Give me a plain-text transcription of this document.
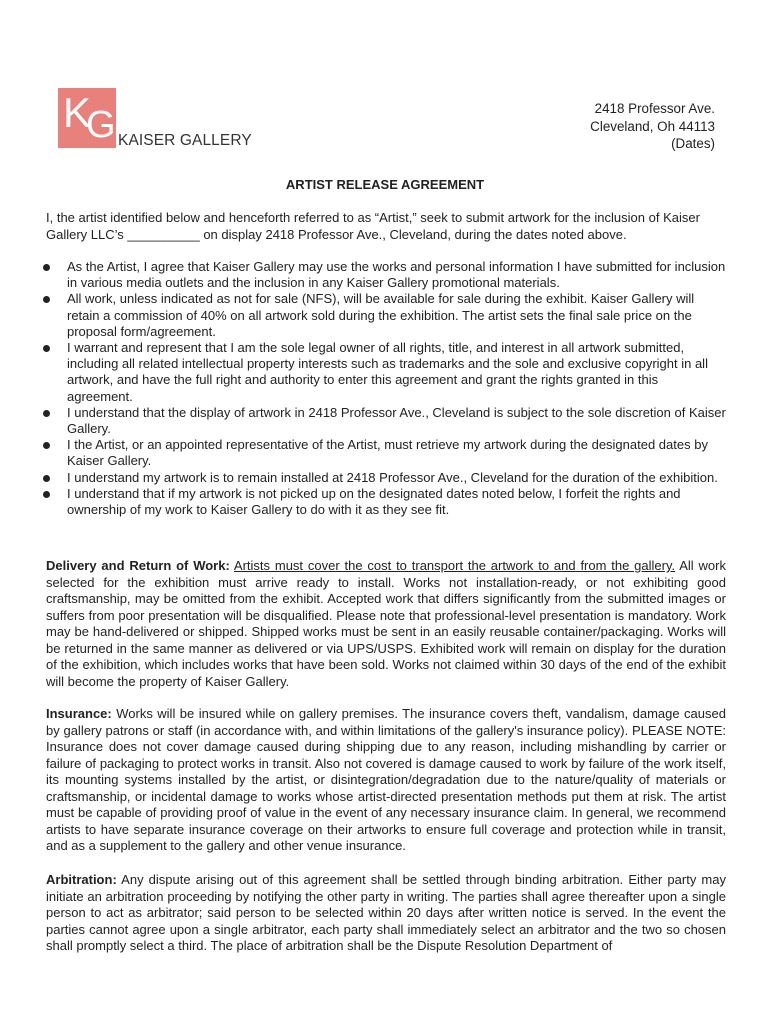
K
G KAISER GALLERY
2418 Professor Ave.
Cleveland, Oh 44113
(Dates)
ARTIST RELEASE AGREEMENT
I, the artist identified below and henceforth referred to as “Artist,” seek to submit artwork for the inclusion of Kaiser Gallery LLC’s __________ on display 2418 Professor Ave., Cleveland, during the dates noted above.
As the Artist, I agree that Kaiser Gallery may use the works and personal information I have submitted for inclusion in various media outlets and the inclusion in any Kaiser Gallery promotional materials.
All work, unless indicated as not for sale (NFS), will be available for sale during the exhibit. Kaiser Gallery will retain a commission of 40% on all artwork sold during the exhibition. The artist sets the final sale price on the proposal form/agreement.
I warrant and represent that I am the sole legal owner of all rights, title, and interest in all artwork submitted, including all related intellectual property interests such as trademarks and the sole and exclusive copyright in all artwork, and have the full right and authority to enter this agreement and grant the rights granted in this agreement.
I understand that the display of artwork in 2418 Professor Ave., Cleveland is subject to the sole discretion of Kaiser Gallery.
I the Artist, or an appointed representative of the Artist, must retrieve my artwork during the designated dates by Kaiser Gallery.
I understand my artwork is to remain installed at 2418 Professor Ave., Cleveland for the duration of the exhibition.
I understand that if my artwork is not picked up on the designated dates noted below, I forfeit the rights and ownership of my work to Kaiser Gallery to do with it as they see fit.
Delivery and Return of Work: Artists must cover the cost to transport the artwork to and from the gallery. All work selected for the exhibition must arrive ready to install. Works not installation-ready, or not exhibiting good craftsmanship, may be omitted from the exhibit. Accepted work that differs significantly from the submitted images or suffers from poor presentation will be disqualified. Please note that professional-level presentation is mandatory. Work may be hand-delivered or shipped. Shipped works must be sent in an easily reusable container/packaging. Works will be returned in the same manner as delivered or via UPS/USPS. Exhibited work will remain on display for the duration of the exhibition, which includes works that have been sold. Works not claimed within 30 days of the end of the exhibit will become the property of Kaiser Gallery.
Insurance: Works will be insured while on gallery premises. The insurance covers theft, vandalism, damage caused by gallery patrons or staff (in accordance with, and within limitations of the gallery's insurance policy). PLEASE NOTE: Insurance does not cover damage caused during shipping due to any reason, including mishandling by carrier or failure of packaging to protect works in transit. Also not covered is damage caused to work by failure of the work itself, its mounting systems installed by the artist, or disintegration/degradation due to the nature/quality of materials or craftsmanship, or incidental damage to works whose artist-directed presentation methods put them at risk. The artist must be capable of providing proof of value in the event of any necessary insurance claim. In general, we recommend artists to have separate insurance coverage on their artworks to ensure full coverage and protection while in transit, and as a supplement to the gallery and other venue insurance.
Arbitration: Any dispute arising out of this agreement shall be settled through binding arbitration. Either party may initiate an arbitration proceeding by notifying the other party in writing. The parties shall agree thereafter upon a single person to act as arbitrator; said person to be selected within 20 days after written notice is served. In the event the parties cannot agree upon a single arbitrator, each party shall immediately select an arbitrator and the two so chosen shall promptly select a third. The place of arbitration shall be the Dispute Resolution Department of
